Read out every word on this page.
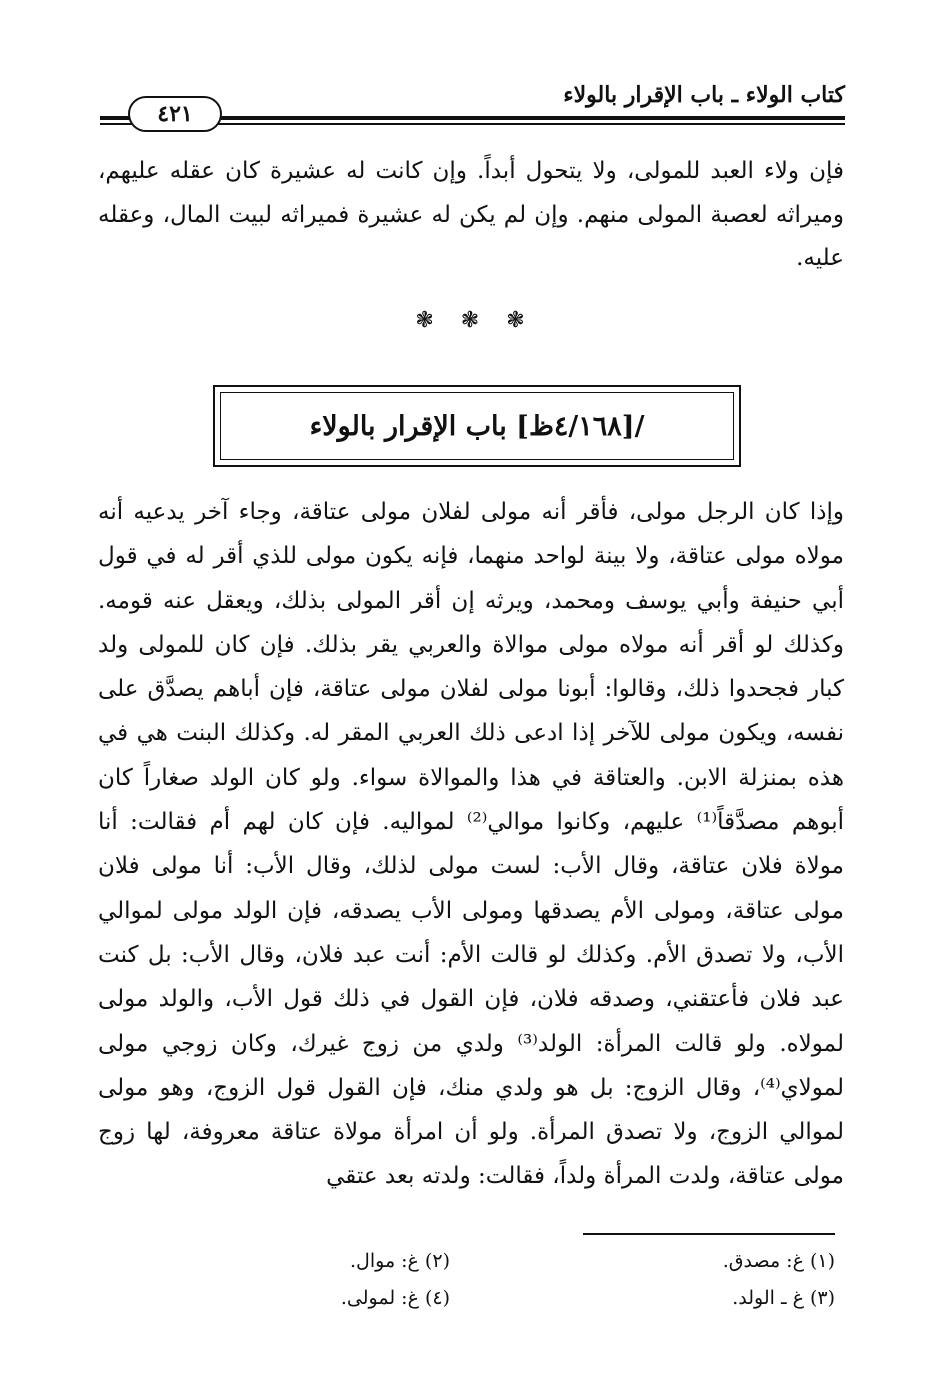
كتاب الولاء ـ باب الإقرار بالولاء
٤٢١
فإن ولاء العبد للمولى، ولا يتحول أبداً. وإن كانت له عشيرة كان عقله عليهم، وميراثه لعصبة المولى منهم. وإن لم يكن له عشيرة فميراثه لبيت المال، وعقله عليه.
❃ ❃ ❃
/[٤/١٦٨ظ] باب الإقرار بالولاء
وإذا كان الرجل مولى، فأقر أنه مولى لفلان مولى عتاقة، وجاء آخر يدعيه أنه مولاه مولى عتاقة، ولا بينة لواحد منهما، فإنه يكون مولى للذي أقر له في قول أبي حنيفة وأبي يوسف ومحمد، ويرثه إن أقر المولى بذلك، ويعقل عنه قومه. وكذلك لو أقر أنه مولاه مولى موالاة والعربي يقر بذلك. فإن كان للمولى ولد كبار فجحدوا ذلك، وقالوا: أبونا مولى لفلان مولى عتاقة، فإن أباهم يصدَّق على نفسه، ويكون مولى للآخر إذا ادعى ذلك العربي المقر له. وكذلك البنت هي في هذه بمنزلة الابن. والعتاقة في هذا والموالاة سواء. ولو كان الولد صغاراً كان أبوهم مصدَّقاً⁽¹⁾ عليهم، وكانوا موالي⁽²⁾ لمواليه. فإن كان لهم أم فقالت: أنا مولاة فلان عتاقة، وقال الأب: لست مولى لذلك، وقال الأب: أنا مولى فلان مولى عتاقة، ومولى الأم يصدقها ومولى الأب يصدقه، فإن الولد مولى لموالي الأب، ولا تصدق الأم. وكذلك لو قالت الأم: أنت عبد فلان، وقال الأب: بل كنت عبد فلان فأعتقني، وصدقه فلان، فإن القول في ذلك قول الأب، والولد مولى لمولاه. ولو قالت المرأة: الولد⁽³⁾ ولدي من زوج غيرك، وكان زوجي مولى لمولاي⁽⁴⁾، وقال الزوج: بل هو ولدي منك، فإن القول قول الزوج، وهو مولى لموالي الزوج، ولا تصدق المرأة. ولو أن امرأة مولاة عتاقة معروفة، لها زوج مولى عتاقة، ولدت المرأة ولداً، فقالت: ولدته بعد عتقي
(١) غ: مصدق.
(٢) غ: موال.
(٣) غ ـ الولد.
(٤) غ: لمولى.
